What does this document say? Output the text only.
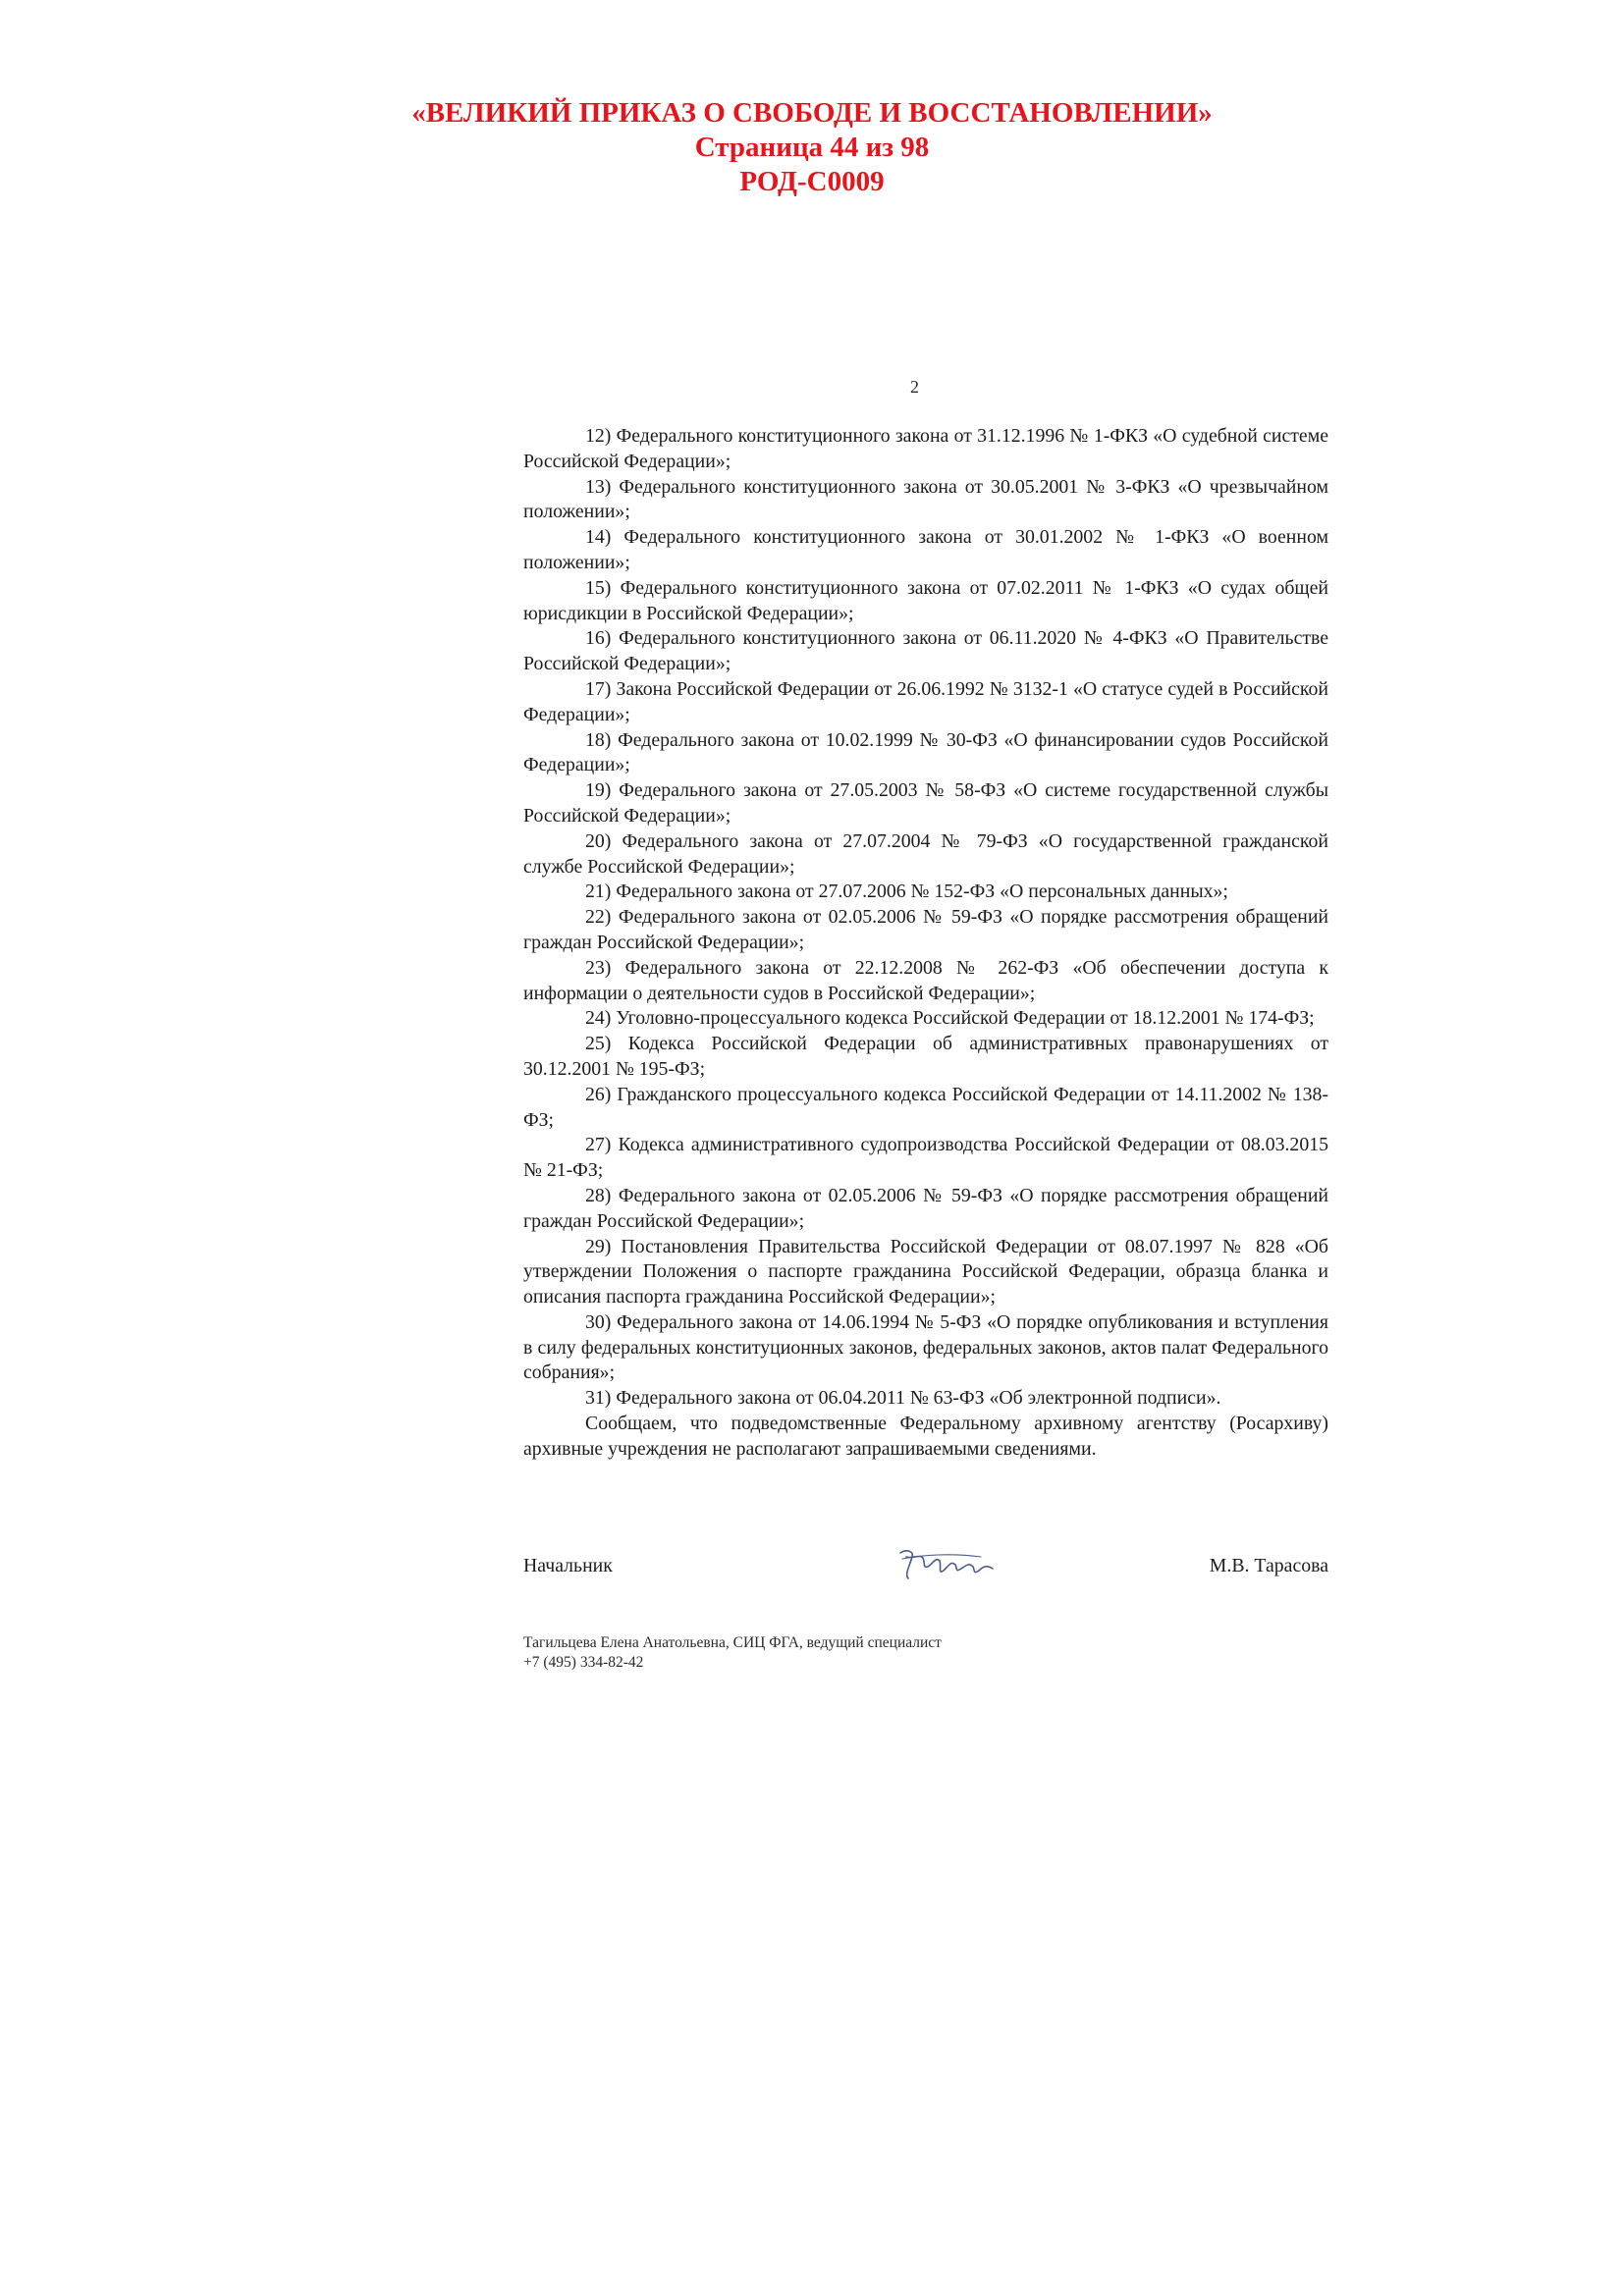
«ВЕЛИКИЙ ПРИКАЗ О СВОБОДЕ И ВОССТАНОВЛЕНИИ»
Страница 44 из 98
РОД-С0009
2

12) Федерального конституционного закона от 31.12.1996 № 1-ФКЗ «О судебной системе Российской Федерации»;

13) Федерального конституционного закона от 30.05.2001 № 3-ФКЗ «О чрезвычайном положении»;

14) Федерального конституционного закона от 30.01.2002 № 1-ФКЗ «О военном положении»;

15) Федерального конституционного закона от 07.02.2011 № 1-ФКЗ «О судах общей юрисдикции в Российской Федерации»;

16) Федерального конституционного закона от 06.11.2020 № 4-ФКЗ «О Правительстве Российской Федерации»;

17) Закона Российской Федерации от 26.06.1992 № 3132-1 «О статусе судей в Российской Федерации»;

18) Федерального закона от 10.02.1999 № 30-ФЗ «О финансировании судов Российской Федерации»;

19) Федерального закона от 27.05.2003 № 58-ФЗ «О системе государственной службы Российской Федерации»;

20) Федерального закона от 27.07.2004 № 79-ФЗ «О государственной гражданской службе Российской Федерации»;

21) Федерального закона от 27.07.2006 № 152-ФЗ «О персональных данных»;

22) Федерального закона от 02.05.2006 № 59-ФЗ «О порядке рассмотрения обращений граждан Российской Федерации»;

23) Федерального закона от 22.12.2008 № 262-ФЗ «Об обеспечении доступа к информации о деятельности судов в Российской Федерации»;

24) Уголовно-процессуального кодекса Российской Федерации от 18.12.2001 № 174-ФЗ;

25) Кодекса Российской Федерации об административных правонарушениях от 30.12.2001 № 195-ФЗ;

26) Гражданского процессуального кодекса Российской Федерации от 14.11.2002 № 138-ФЗ;

27) Кодекса административного судопроизводства Российской Федерации от 08.03.2015 № 21-ФЗ;

28) Федерального закона от 02.05.2006 № 59-ФЗ «О порядке рассмотрения обращений граждан Российской Федерации»;

29) Постановления Правительства Российской Федерации от 08.07.1997 № 828 «Об утверждении Положения о паспорте гражданина Российской Федерации, образца бланка и описания паспорта гражданина Российской Федерации»;

30) Федерального закона от 14.06.1994 № 5-ФЗ «О порядке опубликования и вступления в силу федеральных конституционных законов, федеральных законов, актов палат Федерального собрания»;

31) Федерального закона от 06.04.2011 № 63-ФЗ «Об электронной подписи».

Сообщаем, что подведомственные Федеральному архивному агентству (Росархиву) архивные учреждения не располагают запрашиваемыми сведениями.

Начальник	М.В. Тарасова
Тагильцева Елена Анатольевна, СИЦ ФГА, ведущий специалист
+7 (495) 334-82-42
